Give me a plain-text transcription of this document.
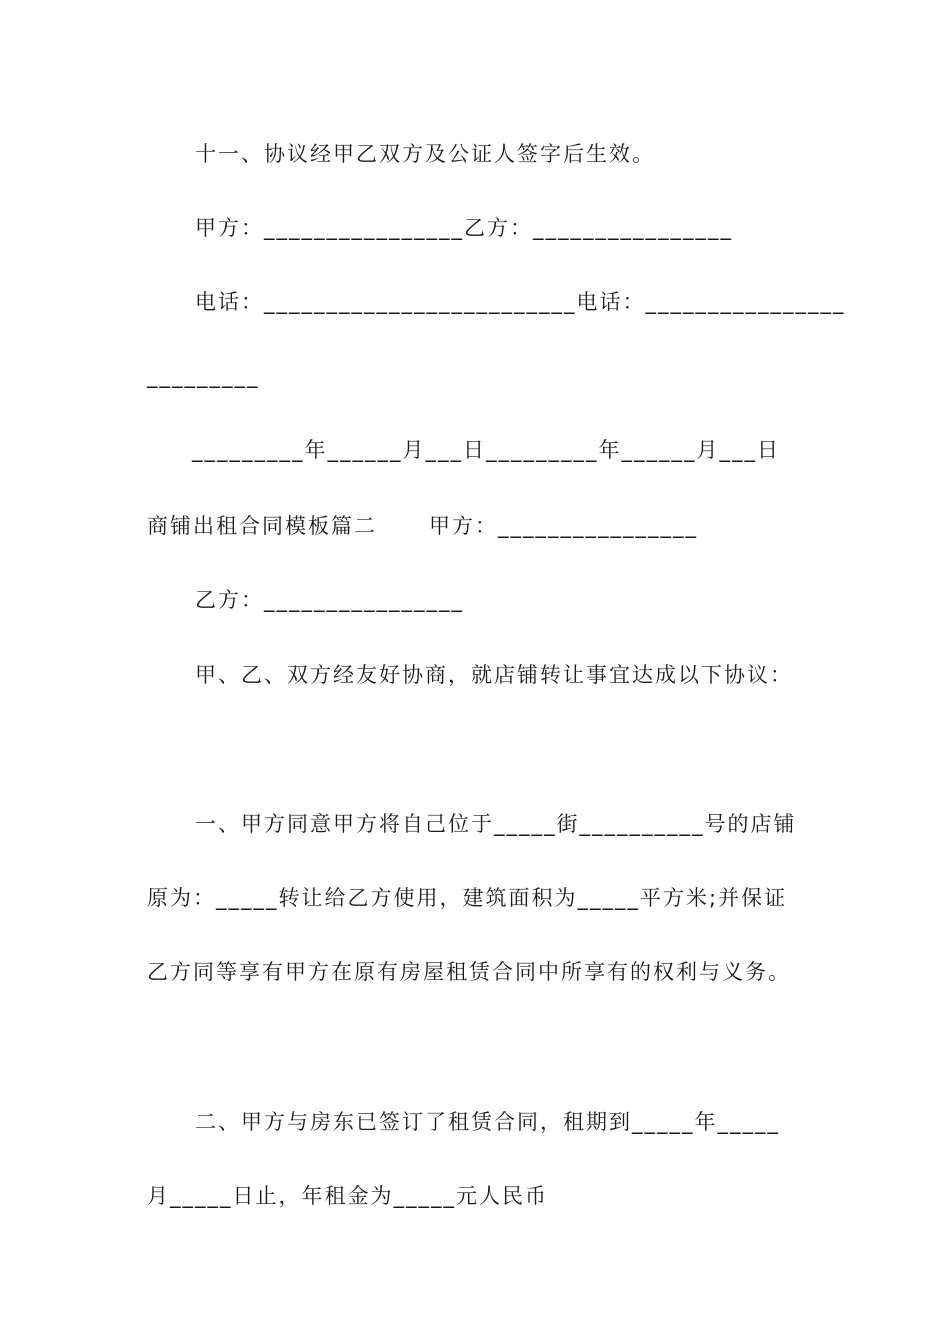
十一、协议经甲乙双方及公证人签字后生效。
甲方：________________乙方：________________
电话：_________________________电话：________________
_________
_________年______月___日_________年______月___日
商铺出租合同模板篇二      甲方：________________
乙方：________________
甲、乙、双方经友好协商，就店铺转让事宜达成以下协议：
一、甲方同意甲方将自己位于_____街__________号的店铺
原为：_____转让给乙方使用，建筑面积为_____平方米;并保证
乙方同等享有甲方在原有房屋租赁合同中所享有的权利与义务。
二、甲方与房东已签订了租赁合同，租期到_____年_____
月_____日止，年租金为_____元人民币
